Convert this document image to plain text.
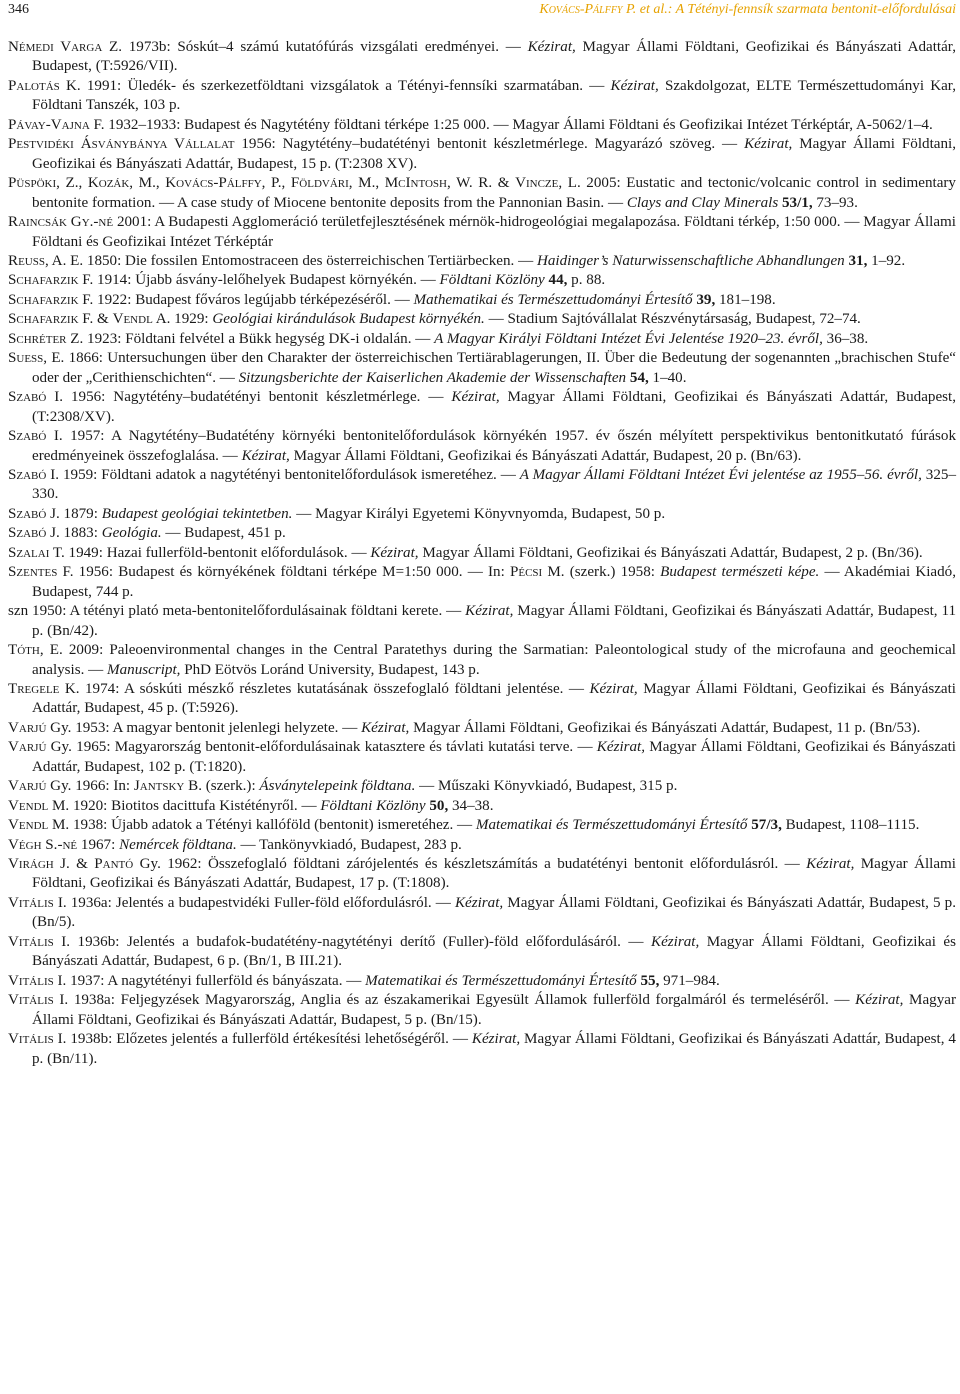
346	Kovács-Pálffy P. et al.: A Tétényi-fennsík szarmata bentonit-előfordulásai

Némedi Varga Z. 1973b: Sóskút–4 számú kutatófúrás vizsgálati eredményei. — Kézirat, Magyar Állami Földtani, Geofizikai és Bányászati Adattár, Budapest, (T:5926/VII).

Palotás K. 1991: Üledék- és szerkezetföldtani vizsgálatok a Tétényi-fennsíki szarmatában. — Kézirat, Szakdolgozat, ELTE Természettudományi Kar, Földtani Tanszék, 103 p.

Pávay-Vajna F. 1932–1933: Budapest és Nagytétény földtani térképe 1:25 000. — Magyar Állami Földtani és Geofizikai Intézet Térképtár, A-5062/1–4.

Pestvidéki Ásványbánya Vállalat 1956: Nagytétény–budatétényi bentonit készletmérlege. Magyarázó szöveg. — Kézirat, Magyar Állami Földtani, Geofizikai és Bányászati Adattár, Budapest, 15 p. (T:2308 XV).

Püspöki, Z., Kozák, M., Kovács-Pálffy, P., Földvári, M., McIntosh, W. R. & Vincze, L. 2005: Eustatic and tectonic/volcanic control in sedimentary bentonite formation. — A case study of Miocene bentonite deposits from the Pannonian Basin. — Clays and Clay Minerals 53/1, 73–93.

Raincsák Gy.-né 2001: A Budapesti Agglomeráció területfejlesztésének mérnök-hidrogeológiai megalapozása. Földtani térkép, 1:50 000. — Magyar Állami Földtani és Geofizikai Intézet Térképtár

Reuss, A. E. 1850: Die fossilen Entomostraceen des österreichischen Tertiärbecken. — Haidinger’s Naturwissenschaftliche Abhandlungen 31, 1–92.

Schafarzik F. 1914: Újabb ásvány-lelőhelyek Budapest környékén. — Földtani Közlöny 44, p. 88.

Schafarzik F. 1922: Budapest főváros legújabb térképezéséről. — Mathematikai és Természettudományi Értesítő 39, 181–198.

Schafarzik F. & Vendl A. 1929: Geológiai kirándulások Budapest környékén. — Stadium Sajtóvállalat Részvénytársaság, Budapest, 72–74.

Schréter Z. 1923: Földtani felvétel a Bükk hegység DK-i oldalán. — A Magyar Királyi Földtani Intézet Évi Jelentése 1920–23. évről, 36–38.

Suess, E. 1866: Untersuchungen über den Charakter der österreichischen Tertiärablagerungen, II. Über die Bedeutung der sogenannten „brachischen Stufe“ oder der „Cerithienschichten“. — Sitzungsberichte der Kaiserlichen Akademie der Wissenschaften 54, 1–40.

Szabó I. 1956: Nagytétény–budatétényi bentonit készletmérlege. — Kézirat, Magyar Állami Földtani, Geofizikai és Bányászati Adattár, Budapest, (T:2308/XV).

Szabó I. 1957: A Nagytétény–Budatétény környéki bentonitelőfordulások környékén 1957. év őszén mélyített perspektivikus bentonitkutató fúrások eredményeinek összefoglalása. — Kézirat, Magyar Állami Földtani, Geofizikai és Bányászati Adattár, Budapest, 20 p. (Bn/63).

Szabó I. 1959: Földtani adatok a nagytétényi bentonitelőfordulások ismeretéhez. — A Magyar Állami Földtani Intézet Évi jelentése az 1955–56. évről, 325–330.

Szabó J. 1879: Budapest geológiai tekintetben. — Magyar Királyi Egyetemi Könyvnyomda, Budapest, 50 p.

Szabó J. 1883: Geológia. — Budapest, 451 p.

Szalai T. 1949: Hazai fullerföld-bentonit előfordulások. — Kézirat, Magyar Állami Földtani, Geofizikai és Bányászati Adattár, Budapest, 2 p. (Bn/36).

Szentes F. 1956: Budapest és környékének földtani térképe M=1:50 000. — In: Pécsi M. (szerk.) 1958: Budapest természeti képe. — Akadémiai Kiadó, Budapest, 744 p.

szn 1950: A tétényi plató meta-bentonitelőfordulásainak földtani kerete. — Kézirat, Magyar Állami Földtani, Geofizikai és Bányászati Adattár, Budapest, 11 p. (Bn/42).

Tóth, E. 2009: Paleoenvironmental changes in the Central Paratethys during the Sarmatian: Paleontological study of the microfauna and geochemical analysis. — Manuscript, PhD Eötvös Loránd University, Budapest, 143 p.

Tregele K. 1974: A sóskúti mészkő részletes kutatásának összefoglaló földtani jelentése. — Kézirat, Magyar Állami Földtani, Geofizikai és Bányászati Adattár, Budapest, 45 p. (T:5926).

Varjú Gy. 1953: A magyar bentonit jelenlegi helyzete. — Kézirat, Magyar Állami Földtani, Geofizikai és Bányászati Adattár, Budapest, 11 p. (Bn/53).

Varjú Gy. 1965: Magyarország bentonit-előfordulásainak katasztere és távlati kutatási terve. — Kézirat, Magyar Állami Földtani, Geofizikai és Bányászati Adattár, Budapest, 102 p. (T:1820).

Varjú Gy. 1966: In: Jantsky B. (szerk.): Ásványtelepeink földtana. — Műszaki Könyvkiadó, Budapest, 315 p.

Vendl M. 1920: Biotitos dacittufa Kistétényről. — Földtani Közlöny 50, 34–38.

Vendl M. 1938: Újabb adatok a Tétényi kallóföld (bentonit) ismeretéhez. — Matematikai és Természettudományi Értesítő 57/3, Budapest, 1108–1115.

Végh S.-né 1967: Nemércek földtana. — Tankönyvkiadó, Budapest, 283 p.

Virágh J. & Pantó Gy. 1962: Összefoglaló földtani zárójelentés és készletszámítás a budatétényi bentonit előfordulásról. — Kézirat, Magyar Állami Földtani, Geofizikai és Bányászati Adattár, Budapest, 17 p. (T:1808).

Vitális I. 1936a: Jelentés a budapestvidéki Fuller-föld előfordulásról. — Kézirat, Magyar Állami Földtani, Geofizikai és Bányászati Adattár, Budapest, 5 p. (Bn/5).

Vitális I. 1936b: Jelentés a budafok-budatétény-nagytétényi derítő (Fuller)-föld előfordulásáról. — Kézirat, Magyar Állami Földtani, Geofizikai és Bányászati Adattár, Budapest, 6 p. (Bn/1, B III.21).

Vitális I. 1937: A nagytétényi fullerföld és bányászata. — Matematikai és Természettudományi Értesítő 55, 971–984.

Vitális I. 1938a: Feljegyzések Magyarország, Anglia és az északamerikai Egyesült Államok fullerföld forgalmáról és termeléséről. — Kézirat, Magyar Állami Földtani, Geofizikai és Bányászati Adattár, Budapest, 5 p. (Bn/15).

Vitális I. 1938b: Előzetes jelentés a fullerföld értékesítési lehetőségéről. — Kézirat, Magyar Állami Földtani, Geofizikai és Bányászati Adattár, Budapest, 4 p. (Bn/11).
